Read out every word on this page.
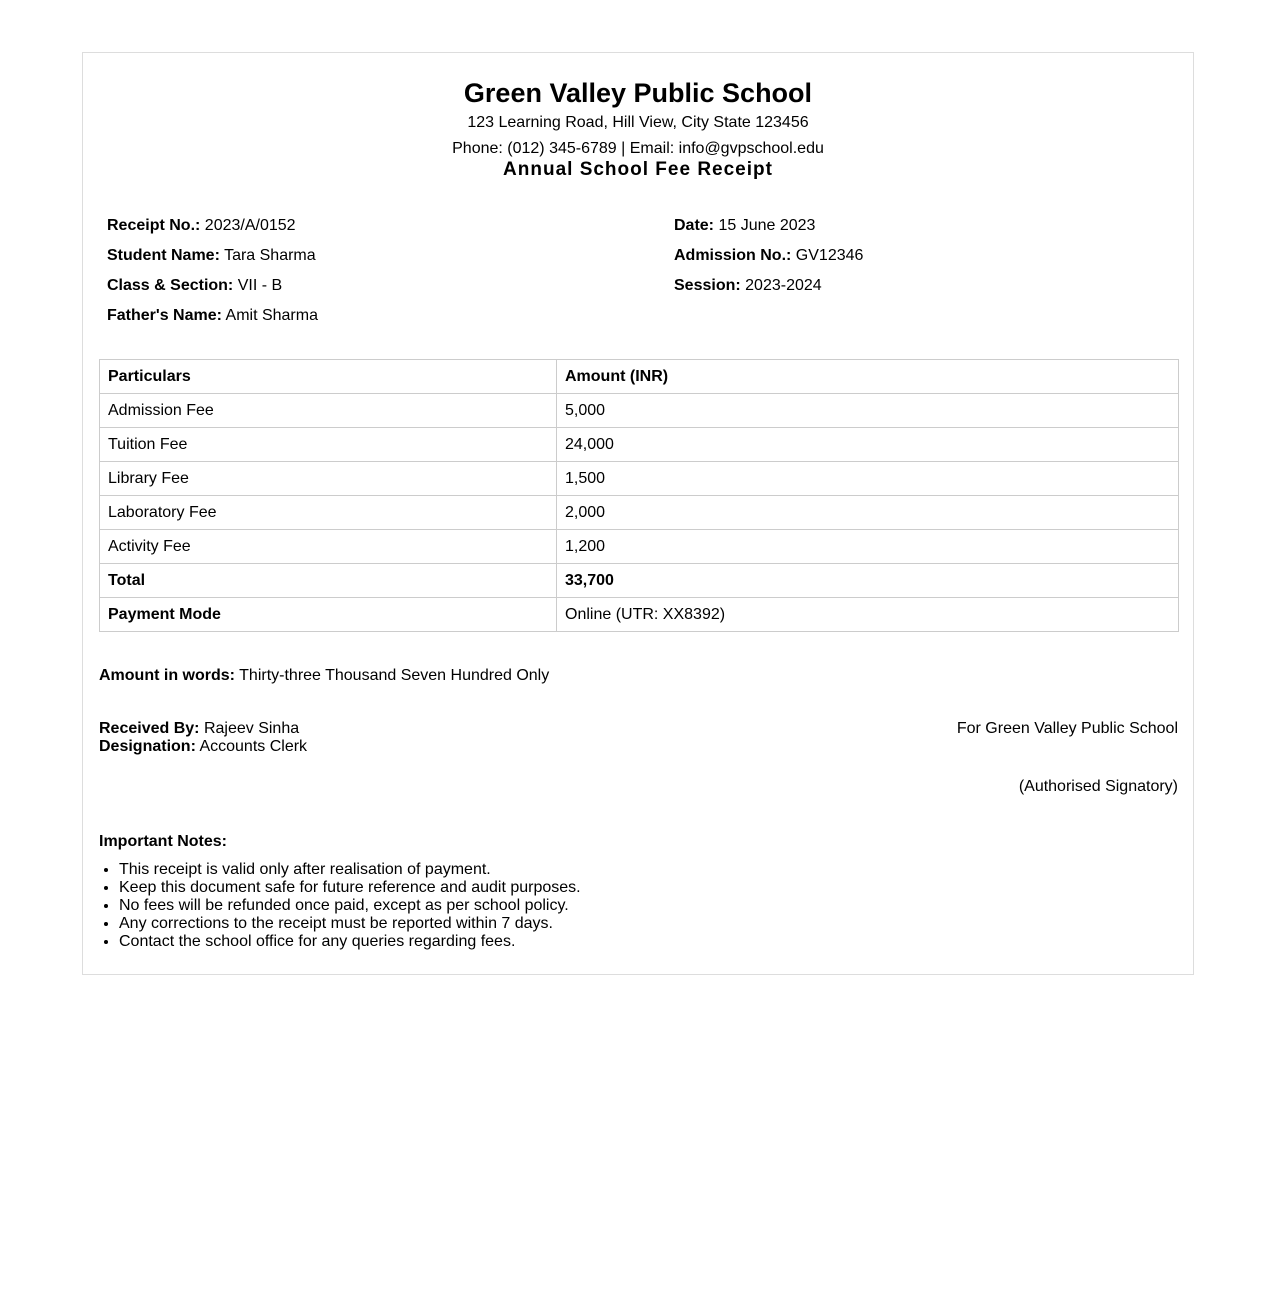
Green Valley Public School

123 Learning Road, Hill View, City State 123456

Phone: (012) 345-6789 | Email: info@gvpschool.edu

Annual School Fee Receipt
Receipt No.: 2023/A/0152	Date: 15 June 2023
Student Name: Tara Sharma	Admission No.: GV12346
Class & Section: VII - B	Session: 2023-2024
Father's Name: Amit Sharma
Particulars	Amount (INR)
Admission Fee	5,000
Tuition Fee	24,000
Library Fee	1,500
Laboratory Fee	2,000
Activity Fee	1,200
Total	33,700
Payment Mode	Online (UTR: XX8392)
Amount in words: Thirty-three Thousand Seven Hundred Only
Received By: Rajeev Sinha
Designation: Accounts Clerk
For Green Valley Public School
(Authorised Signatory)
Important Notes:
• This receipt is valid only after realisation of payment.
• Keep this document safe for future reference and audit purposes.
• No fees will be refunded once paid, except as per school policy.
• Any corrections to the receipt must be reported within 7 days.
• Contact the school office for any queries regarding fees.
